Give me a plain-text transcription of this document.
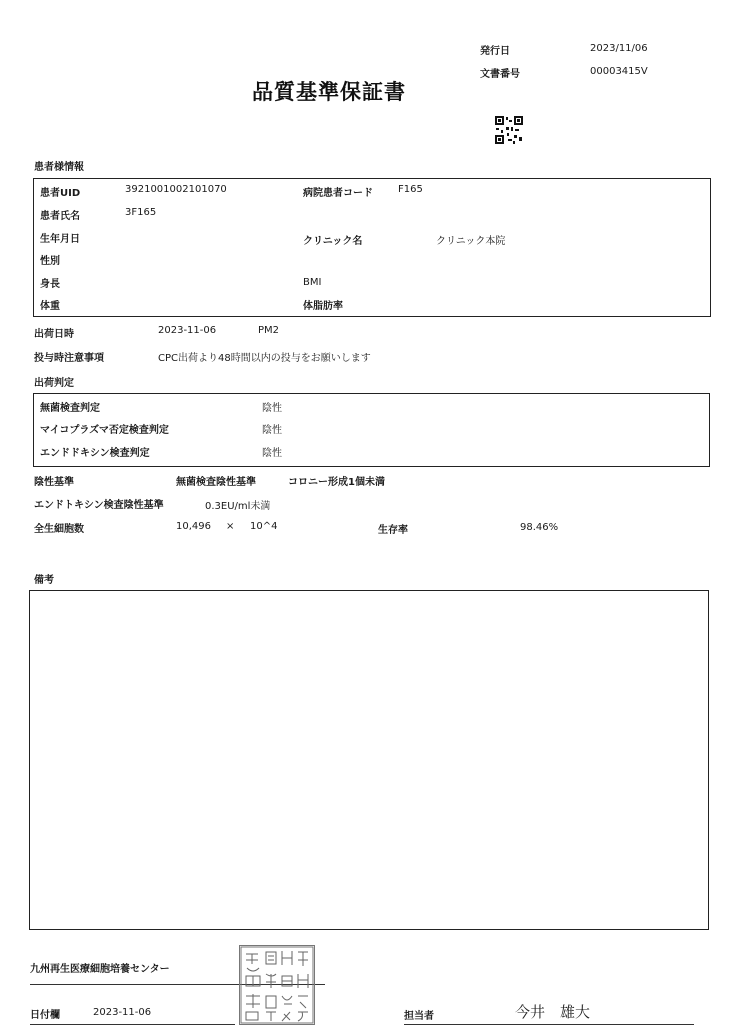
発行日	2023/11/06
文書番号	00003415V
品質基準保証書
患者様情報
患者UID	3921001002101070	病院患者コード	F165
患者氏名	3F165
生年月日	クリニック名	クリニック本院
性別
身長	BMI
体重	体脂肪率
出荷日時	2023-11-06	PM2
投与時注意事項	CPC出荷より48時間以内の投与をお願いします
出荷判定
無菌検査判定	陰性
マイコプラズマ否定検査判定	陰性
エンドドキシン検査判定	陰性
陰性基準	無菌検査陰性基準	コロニー形成1個未満
エンドトキシン検査陰性基準	0.3EU/ml未満
全生細胞数	10,496 × 10^4	生存率	98.46%
備考
九州再生医療細胞培養センター
日付欄	2023-11-06	担当者	今井　雄大
